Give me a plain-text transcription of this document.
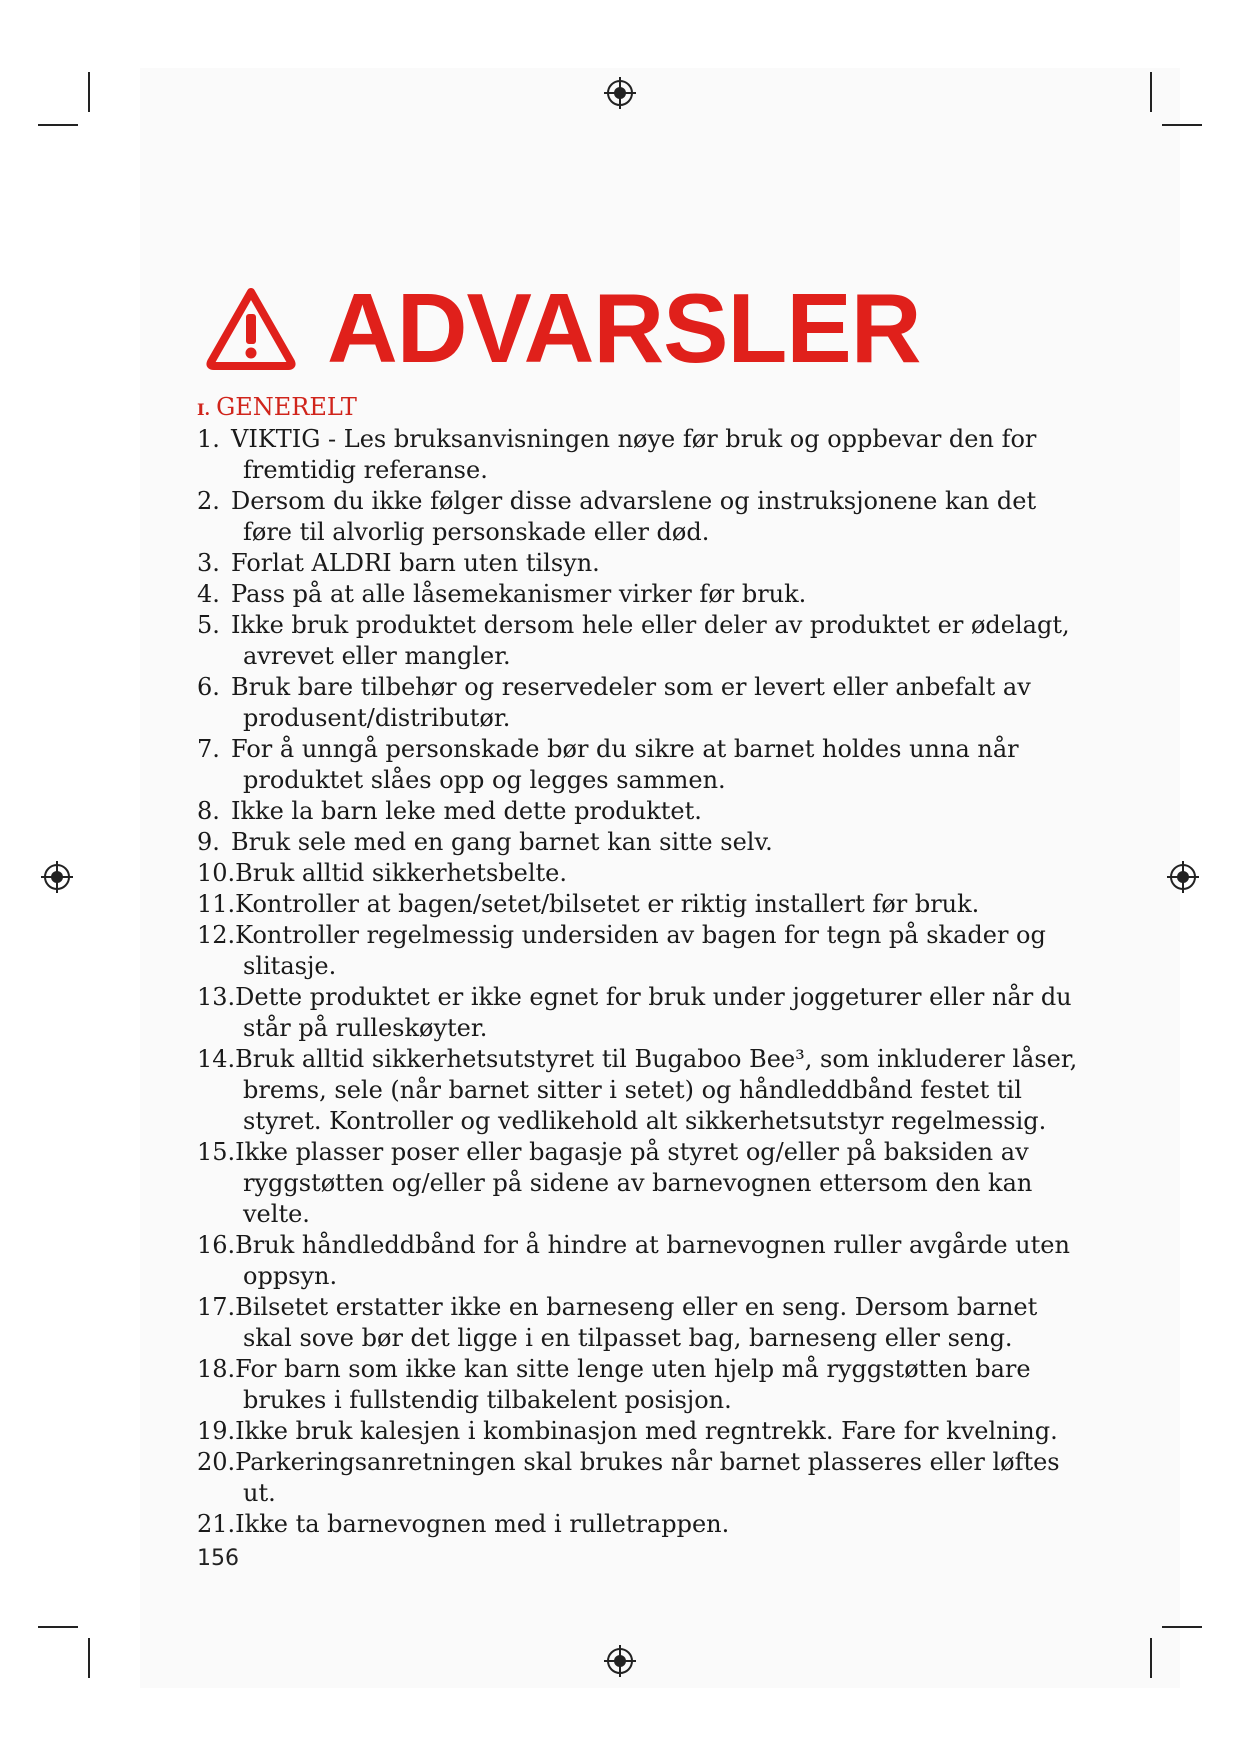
ADVARSLER
I. GENERELT
1. VIKTIG - Les bruksanvisningen nøye før bruk og oppbevar den for fremtidig referanse.
2. Dersom du ikke følger disse advarslene og instruksjonene kan det føre til alvorlig personskade eller død.
3. Forlat ALDRI barn uten tilsyn.
4. Pass på at alle låsemekanismer virker før bruk.
5. Ikke bruk produktet dersom hele eller deler av produktet er ødelagt, avrevet eller mangler.
6. Bruk bare tilbehør og reservedeler som er levert eller anbefalt av produsent/distributør.
7. For å unngå personskade bør du sikre at barnet holdes unna når produktet slåes opp og legges sammen.
8. Ikke la barn leke med dette produktet.
9. Bruk sele med en gang barnet kan sitte selv.
10.Bruk alltid sikkerhetsbelte.
11.Kontroller at bagen/setet/bilsetet er riktig installert før bruk.
12.Kontroller regelmessig undersiden av bagen for tegn på skader og slitasje.
13.Dette produktet er ikke egnet for bruk under joggeturer eller når du står på rulleskøyter.
14.Bruk alltid sikkerhetsutstyret til Bugaboo Bee³, som inkluderer låser, brems, sele (når barnet sitter i setet) og håndleddbånd festet til styret. Kontroller og vedlikehold alt sikkerhetsutstyr regelmessig.
15.Ikke plasser poser eller bagasje på styret og/eller på baksiden av ryggstøtten og/eller på sidene av barnevognen ettersom den kan velte.
16.Bruk håndleddbånd for å hindre at barnevognen ruller avgårde uten oppsyn.
17.Bilsetet erstatter ikke en barneseng eller en seng. Dersom barnet skal sove bør det ligge i en tilpasset bag, barneseng eller seng.
18.For barn som ikke kan sitte lenge uten hjelp må ryggstøtten bare brukes i fullstendig tilbakelent posisjon.
19.Ikke bruk kalesjen i kombinasjon med regntrekk. Fare for kvelning.
20.Parkeringsanretningen skal brukes når barnet plasseres eller løftes ut.
21.Ikke ta barnevognen med i rulletrappen.
156
